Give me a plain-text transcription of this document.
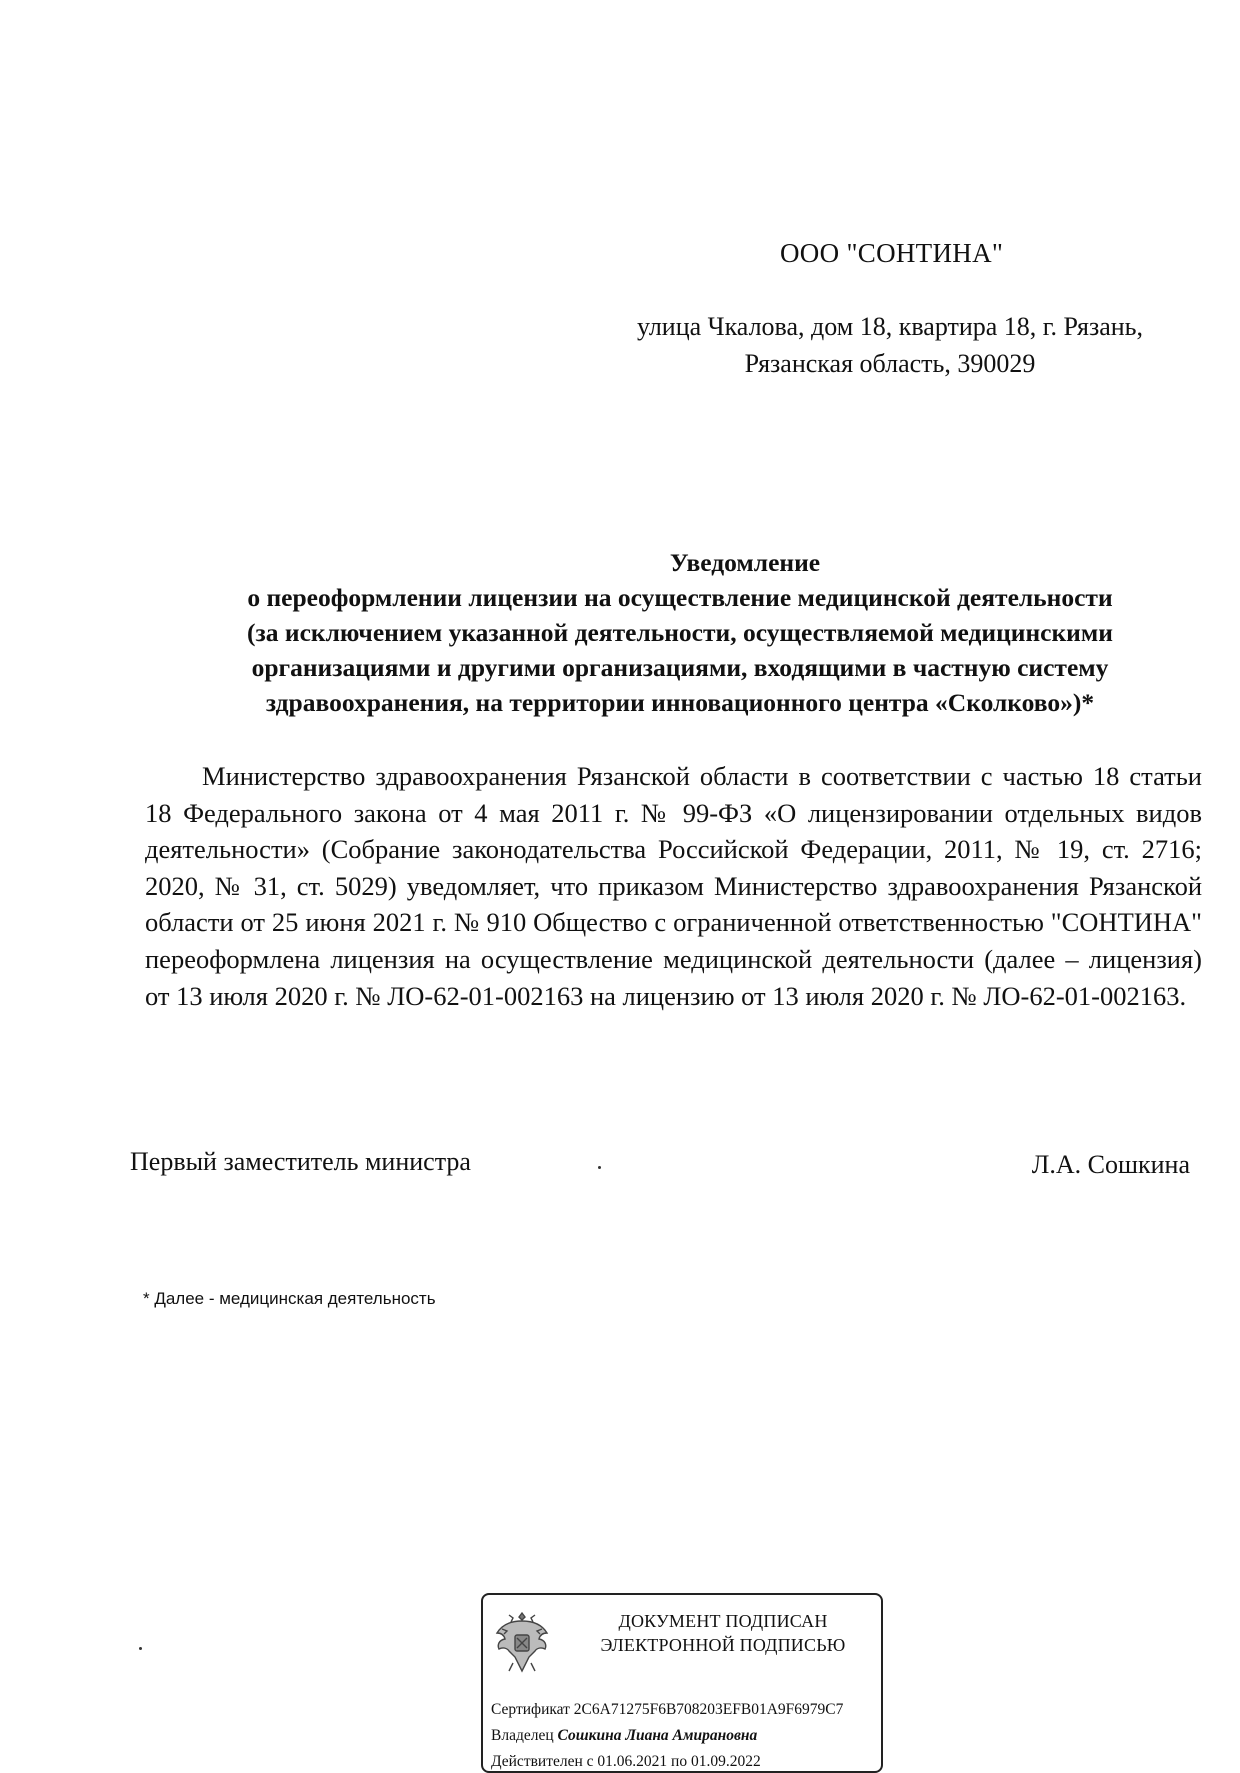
ООО "СОНТИНА"
улица Чкалова, дом 18, квартира 18, г. Рязань, Рязанская область, 390029
Уведомление
о переоформлении лицензии на осуществление медицинской деятельности
(за исключением указанной деятельности, осуществляемой медицинскими
организациями и другими организациями, входящими в частную систему
здравоохранения, на территории инновационного центра «Сколково»)*

Министерство здравоохранения Рязанской области в соответствии с частью 18 статьи 18 Федерального закона от 4 мая 2011 г. № 99-ФЗ «О лицензировании отдельных видов деятельности» (Собрание законодательства Российской Федерации, 2011, № 19, ст. 2716; 2020, № 31, ст. 5029) уведомляет, что приказом Министерство здравоохранения Рязанской области от 25 июня 2021 г. № 910 Общество с ограниченной ответственностью "СОНТИНА" переоформлена лицензия на осуществление медицинской деятельности (далее – лицензия) от 13 июля 2020 г. № ЛО-62-01-002163 на лицензию от 13 июля 2020 г. № ЛО-62-01-002163.

Первый заместитель министра	Л.А. Сошкина
* Далее - медицинская деятельность
ДОКУМЕНТ ПОДПИСАН
ЭЛЕКТРОННОЙ ПОДПИСЬЮ
Сертификат 2C6A71275F6B708203EFB01A9F6979C7
Владелец Сошкина Лиана Амирановна
Действителен с 01.06.2021 по 01.09.2022
